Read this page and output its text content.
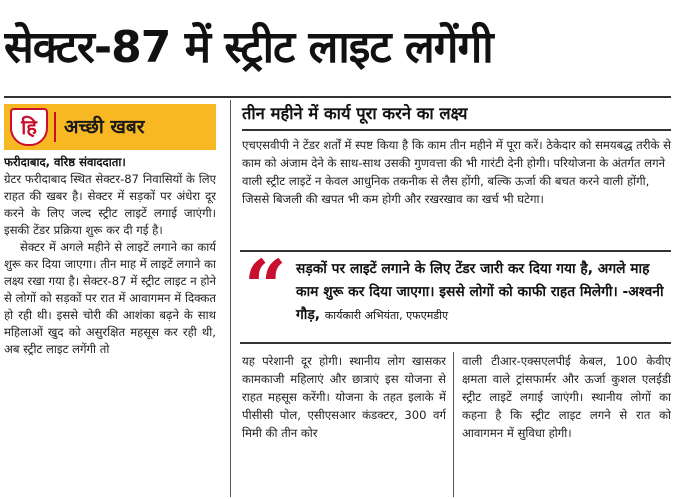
सेक्टर-87 में स्ट्रीट लाइट लगेंगी
हि	अच्छी खबर

फरीदाबाद, वरिष्ठ संवाददाता।
ग्रेटर फरीदाबाद स्थित सेक्टर-87 निवासियों के लिए राहत की खबर है। सेक्टर में सड़कों पर अंधेरा दूर करने के लिए जल्द स्ट्रीट लाइटें लगाई जाएंगी। इसकी टेंडर प्रक्रिया शुरू कर दी गई है।

सेक्टर में अगले महीने से लाइटें लगाने का कार्य शुरू कर दिया जाएगा। तीन माह में लाइटें लगाने का लक्ष्य रखा गया है। सेक्टर-87 में स्ट्रीट लाइट न होने से लोगों को सड़कों पर रात में आवागमन में दिक्कत हो रही थी। इससे चोरी की आशंका बढ़ने के साथ महिलाओं खुद को असुरक्षित महसूस कर रही थी, अब स्ट्रीट लाइट लगेंगी तो

तीन महीने में कार्य पूरा करने का लक्ष्य

एचएसवीपी ने टेंडर शर्तों में स्पष्ट किया है कि काम तीन महीने में पूरा करें। ठेकेदार को समयबद्ध तरीके से काम को अंजाम देने के साथ-साथ उसकी गुणवत्ता की भी गारंटी देनी होगी। परियोजना के अंतर्गत लगने वाली स्ट्रीट लाइटें न केवल आधुनिक तकनीक से लैस होंगी, बल्कि ऊर्जा की बचत करने वाली होंगी, जिससे बिजली की खपत भी कम होगी और रखरखाव का खर्च भी घटेगा।

“ सड़कों पर लाइटें लगाने के लिए टेंडर जारी कर दिया गया है, अगले माह काम शुरू कर दिया जाएगा। इससे लोगों को काफी राहत मिलेगी। -अश्वनी गौड़, कार्यकारी अभियंता, एफएमडीए

यह परेशानी दूर होगी। स्थानीय लोग खासकर कामकाजी महिलाएं और छात्राएं इस योजना से राहत महसूस करेंगी। योजना के तहत इलाके में पीसीसी पोल, एसीएसआर कंडक्टर, 300 वर्ग मिमी की तीन कोर

वाली टीआर-एक्सएलपीई केबल, 100 केवीए क्षमता वाले ट्रांसफार्मर और ऊर्जा कुशल एलईडी स्ट्रीट लाइटें लगाई जाएंगी। स्थानीय लोगों का कहना है कि स्ट्रीट लाइट लगने से रात को आवागमन में सुविधा होगी।
